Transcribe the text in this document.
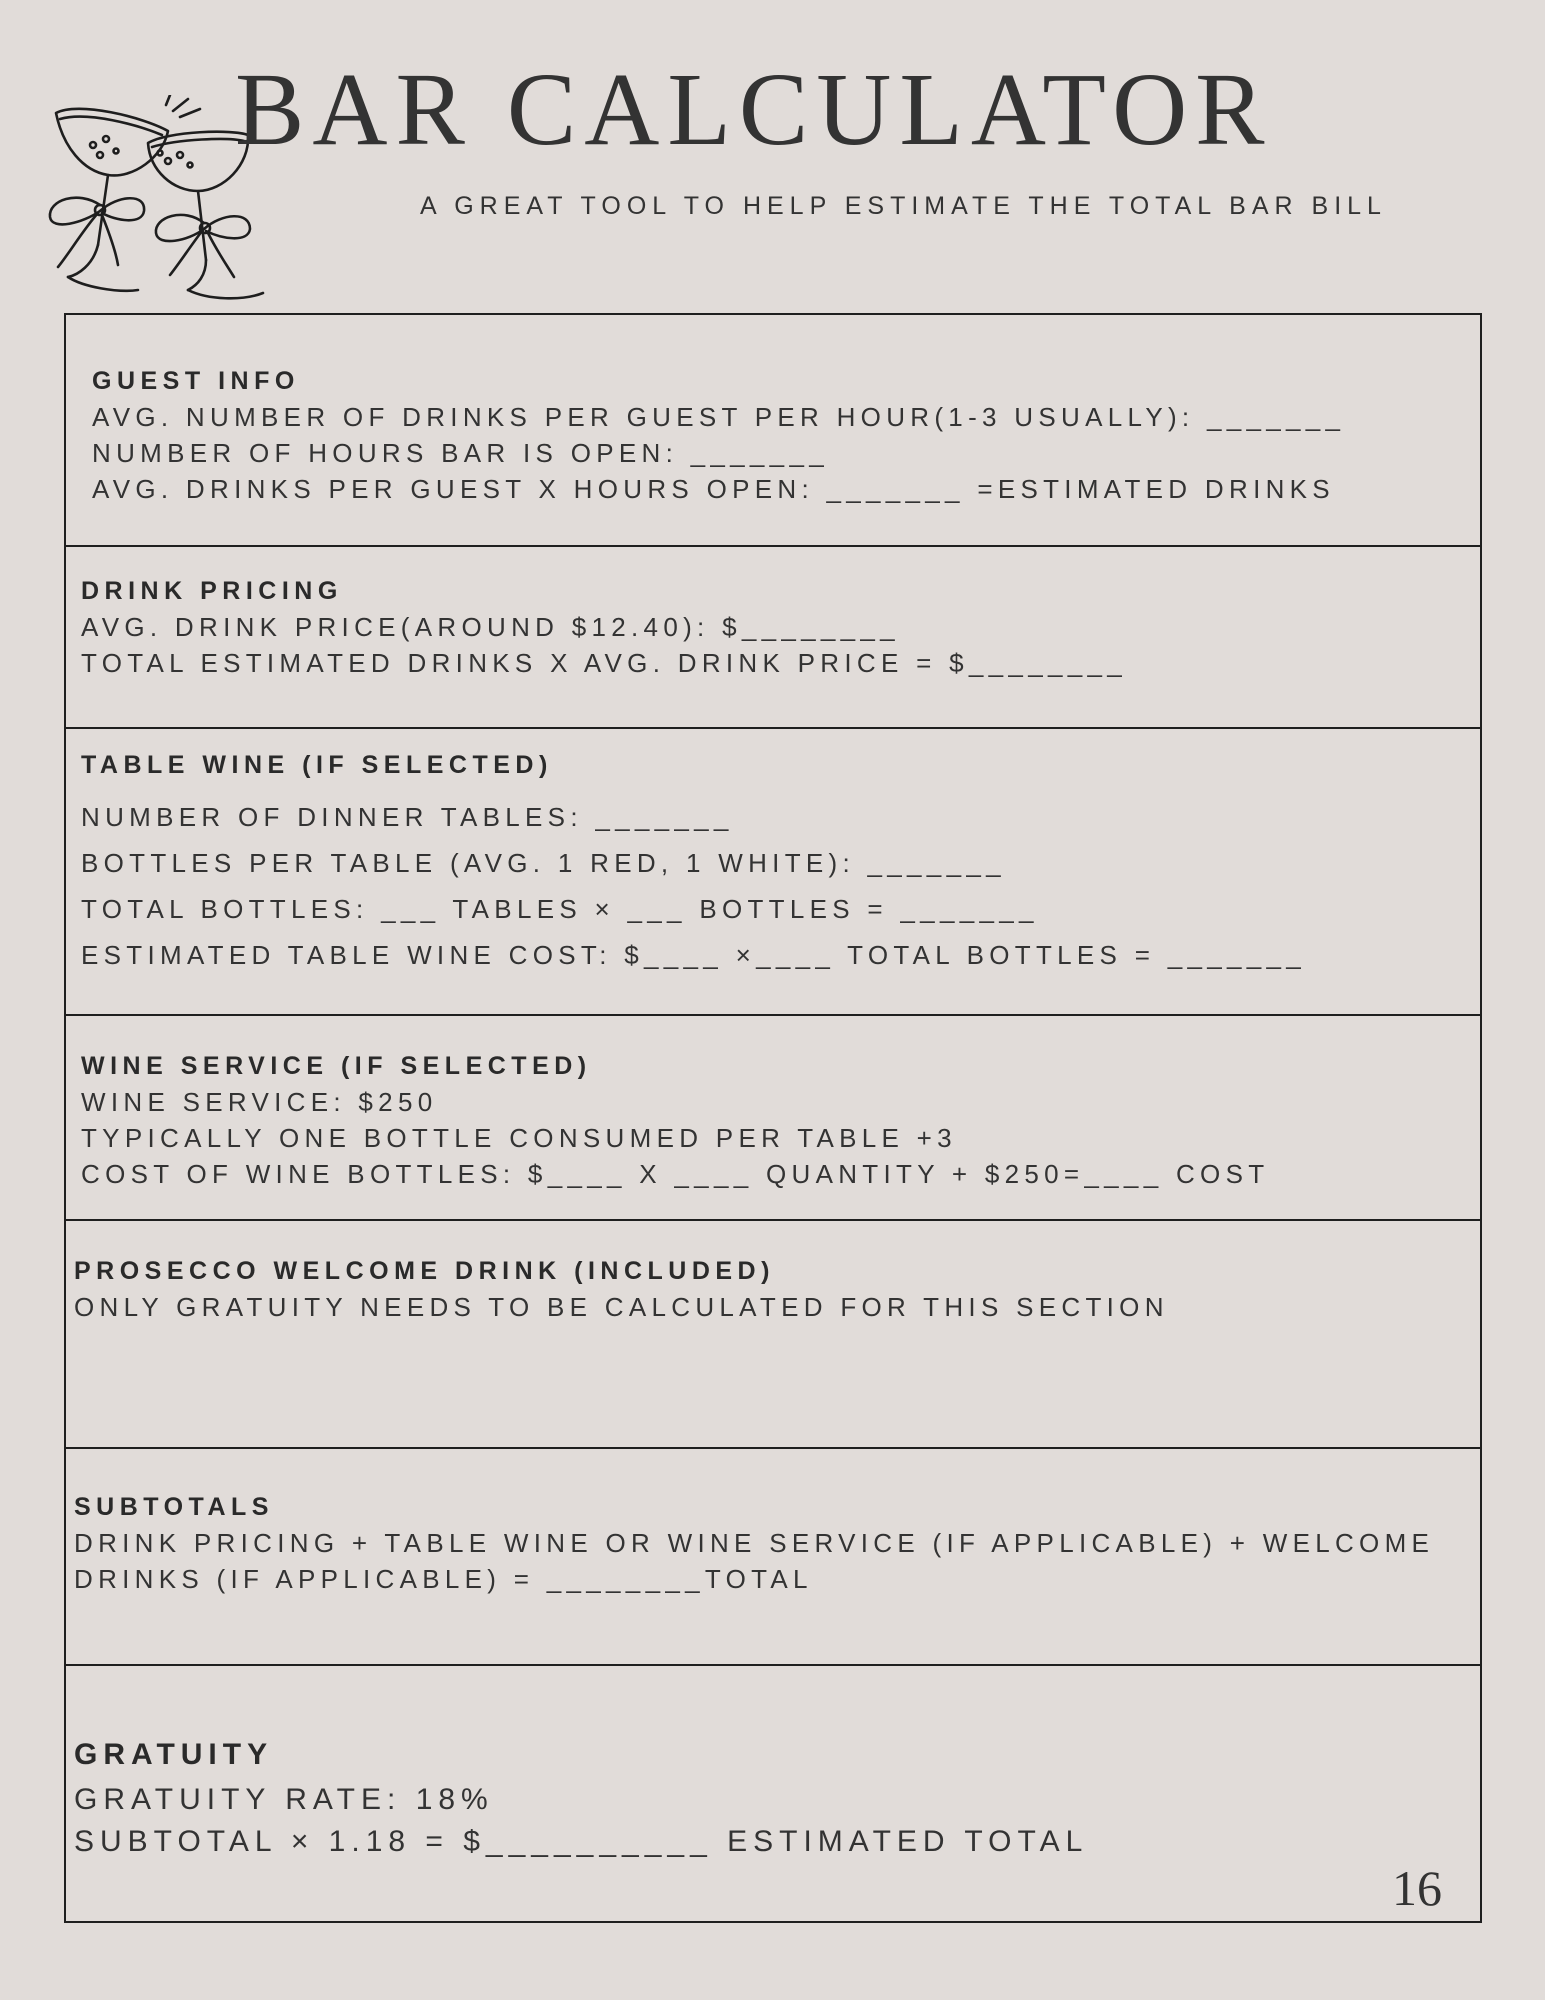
BAR CALCULATOR
A GREAT TOOL TO HELP ESTIMATE THE TOTAL BAR BILL
GUEST INFO

AVG. NUMBER OF DRINKS PER GUEST PER HOUR(1-3 USUALLY): _______

NUMBER OF HOURS BAR IS OPEN: _______

AVG. DRINKS PER GUEST X HOURS OPEN: _______ =ESTIMATED DRINKS

DRINK PRICING

AVG. DRINK PRICE(AROUND $12.40): $________

TOTAL ESTIMATED DRINKS X AVG. DRINK PRICE = $________

TABLE WINE (IF SELECTED)

NUMBER OF DINNER TABLES: _______

BOTTLES PER TABLE (AVG. 1 RED, 1 WHITE): _______

TOTAL BOTTLES: ___ TABLES × ___ BOTTLES = _______

ESTIMATED TABLE WINE COST: $____ ×____ TOTAL BOTTLES = _______

WINE SERVICE (IF SELECTED)

WINE SERVICE: $250

TYPICALLY ONE BOTTLE CONSUMED PER TABLE +3

COST OF WINE BOTTLES: $____ X ____ QUANTITY + $250=____ COST

PROSECCO WELCOME DRINK (INCLUDED)

ONLY GRATUITY NEEDS TO BE CALCULATED FOR THIS SECTION

SUBTOTALS

DRINK PRICING + TABLE WINE OR WINE SERVICE (IF APPLICABLE) + WELCOME

DRINKS (IF APPLICABLE) = ________TOTAL

GRATUITY

GRATUITY RATE: 18%

SUBTOTAL × 1.18 = $__________ ESTIMATED TOTAL

16
